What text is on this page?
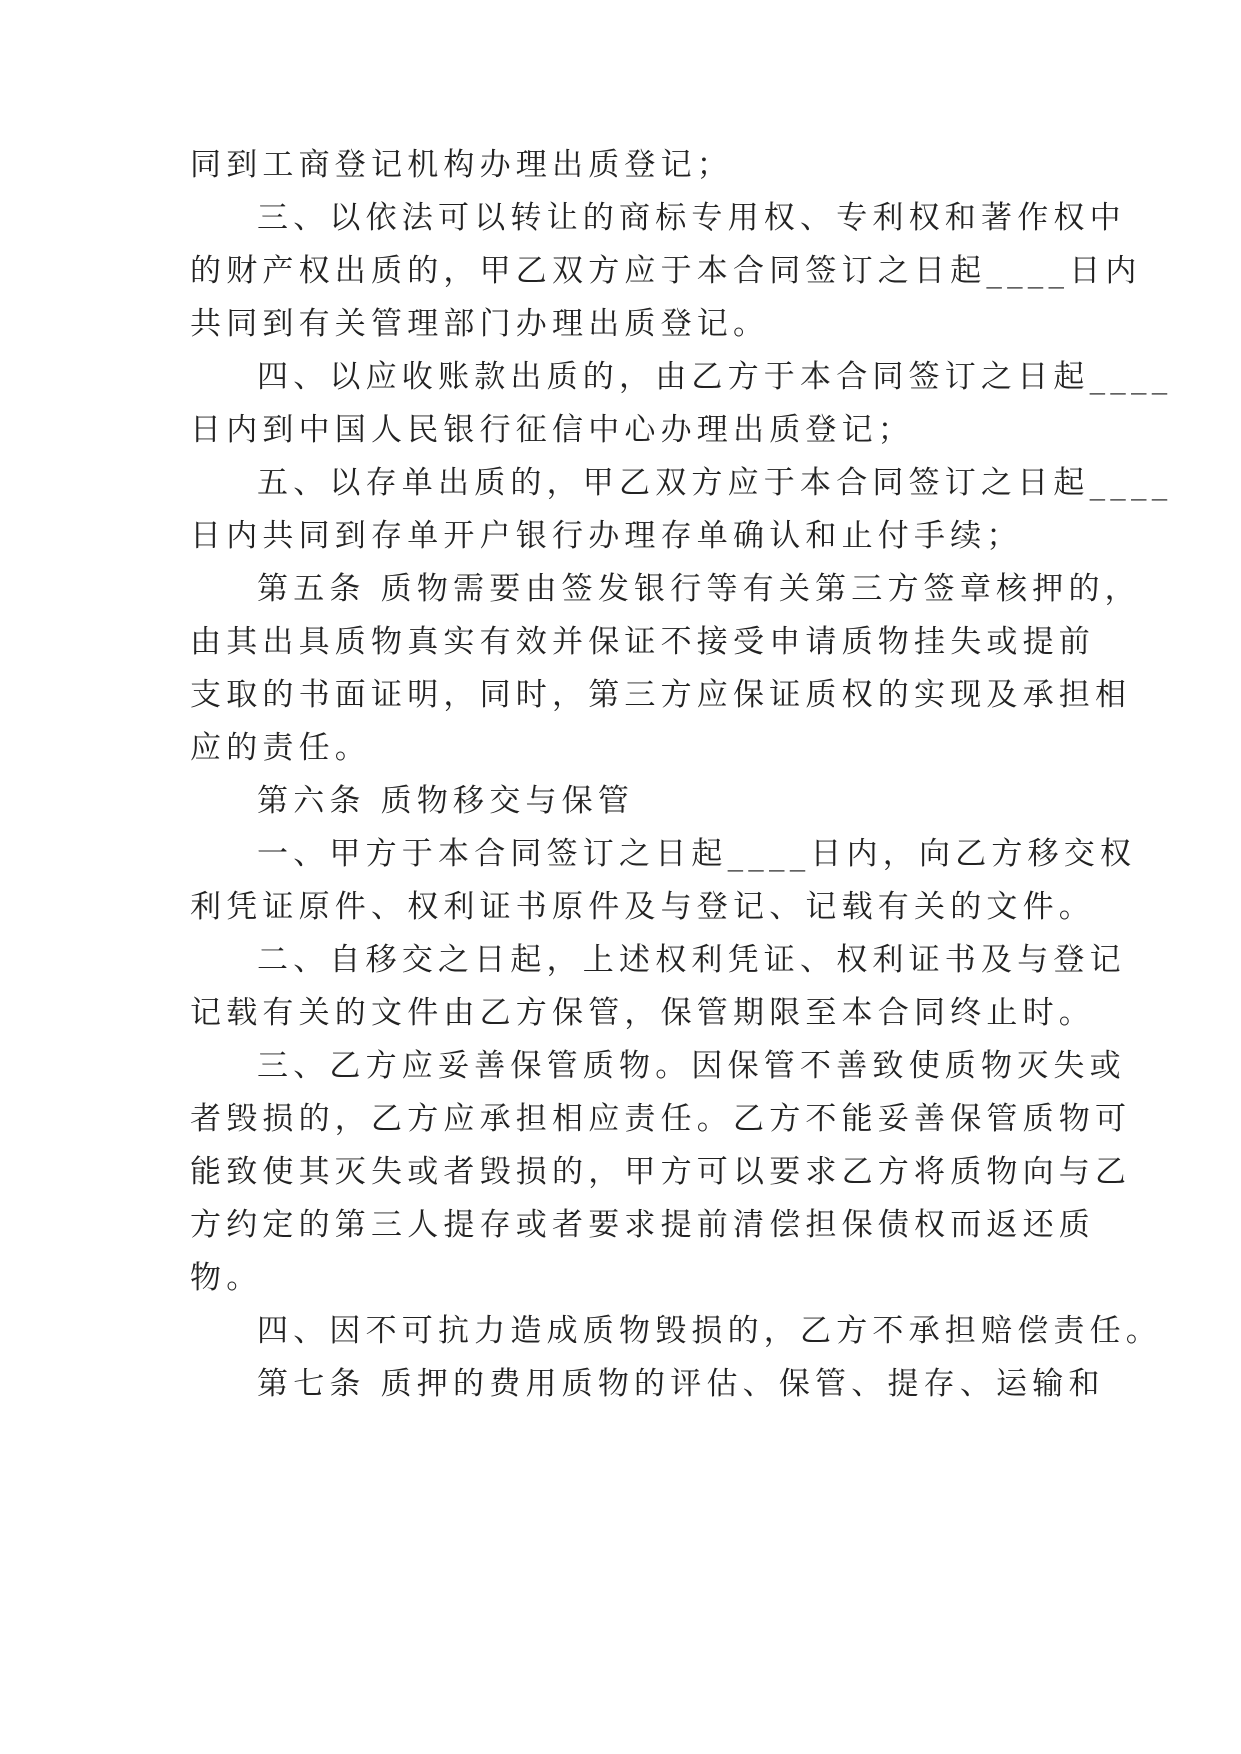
同到工商登记机构办理出质登记；
三、以依法可以转让的商标专用权、专利权和著作权中
的财产权出质的，甲乙双方应于本合同签订之日起____日内
共同到有关管理部门办理出质登记。
四、以应收账款出质的，由乙方于本合同签订之日起____
日内到中国人民银行征信中心办理出质登记；
五、以存单出质的，甲乙双方应于本合同签订之日起____
日内共同到存单开户银行办理存单确认和止付手续；
第五条 质物需要由签发银行等有关第三方签章核押的，
由其出具质物真实有效并保证不接受申请质物挂失或提前
支取的书面证明，同时，第三方应保证质权的实现及承担相
应的责任。
第六条 质物移交与保管
一、甲方于本合同签订之日起____日内，向乙方移交权
利凭证原件、权利证书原件及与登记、记载有关的文件。
二、自移交之日起，上述权利凭证、权利证书及与登记
记载有关的文件由乙方保管，保管期限至本合同终止时。
三、乙方应妥善保管质物。因保管不善致使质物灭失或
者毁损的，乙方应承担相应责任。乙方不能妥善保管质物可
能致使其灭失或者毁损的，甲方可以要求乙方将质物向与乙
方约定的第三人提存或者要求提前清偿担保债权而返还质
物。
四、因不可抗力造成质物毁损的，乙方不承担赔偿责任。
第七条 质押的费用质物的评估、保管、提存、运输和
